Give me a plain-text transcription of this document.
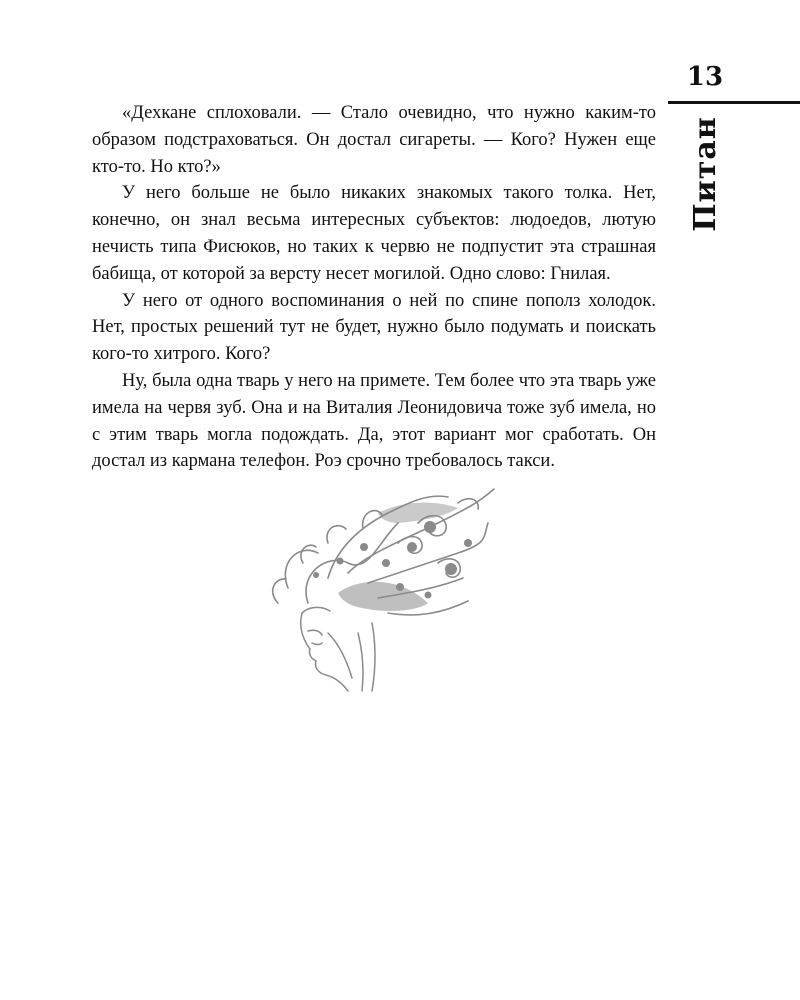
13
Питан

«Дехкане сплоховали. — Стало очевидно, что нужно каким-то образом подстраховаться. Он достал сигареты. — Кого? Нужен еще кто-то. Но кто?»

У него больше не было никаких знакомых такого толка. Нет, конечно, он знал весьма интересных субъектов: людоедов, лютую нечисть типа Фисюков, но таких к червю не подпустит эта страшная бабища, от которой за версту несет могилой. Одно слово: Гнилая.

У него от одного воспоминания о ней по спине пополз холодок. Нет, простых решений тут не будет, нужно было подумать и поискать кого-то хитрого. Кого?

Ну, была одна тварь у него на примете. Тем более что эта тварь уже имела на червя зуб. Она и на Виталия Леонидовича тоже зуб имела, но с этим тварь могла подождать. Да, этот вариант мог сработать. Он достал из кармана телефон. Роэ срочно требовалось такси.
